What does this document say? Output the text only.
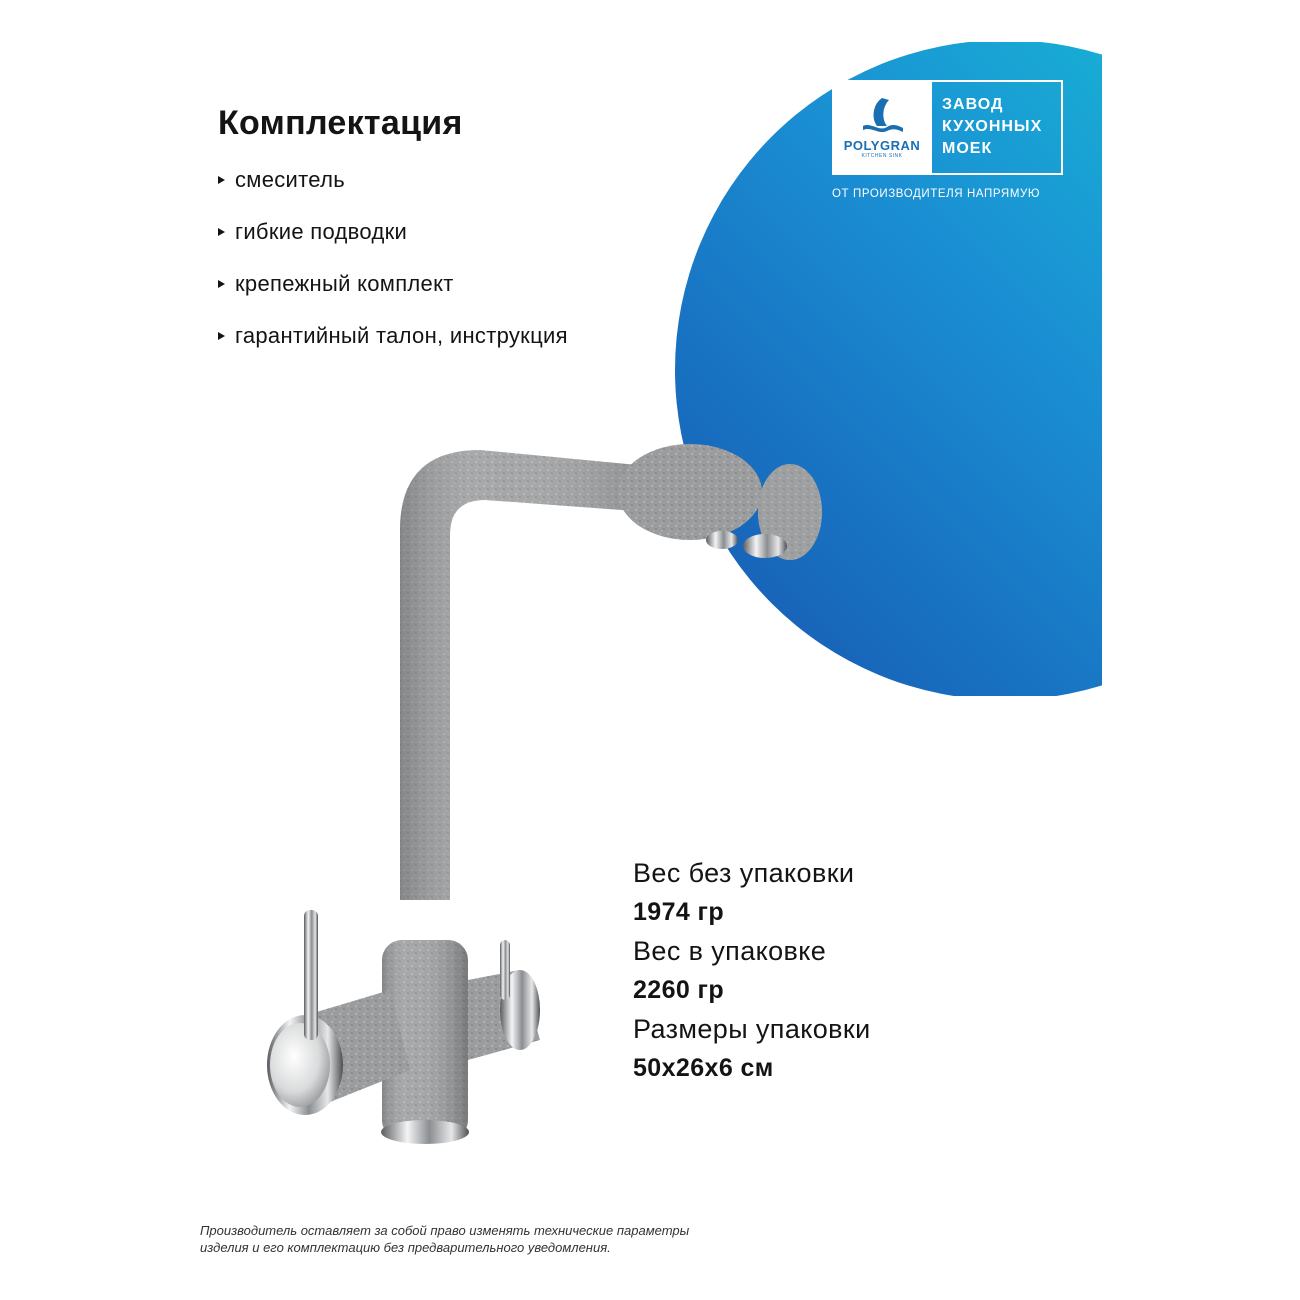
Комплектация
смеситель
гибкие подводки
крепежный комплект
гарантийный талон, инструкция
POLYGRAN
KITCHEN SINK
ЗАВОД
КУХОННЫХ
МОЕК
ОТ ПРОИЗВОДИТЕЛЯ НАПРЯМУЮ
Вес без упаковки
1974 гр
Вес в упаковке
2260 гр
Размеры упаковки
50x26x6 см
Производитель оставляет за собой право изменять технические параметры
изделия и его комплектацию без предварительного уведомления.
